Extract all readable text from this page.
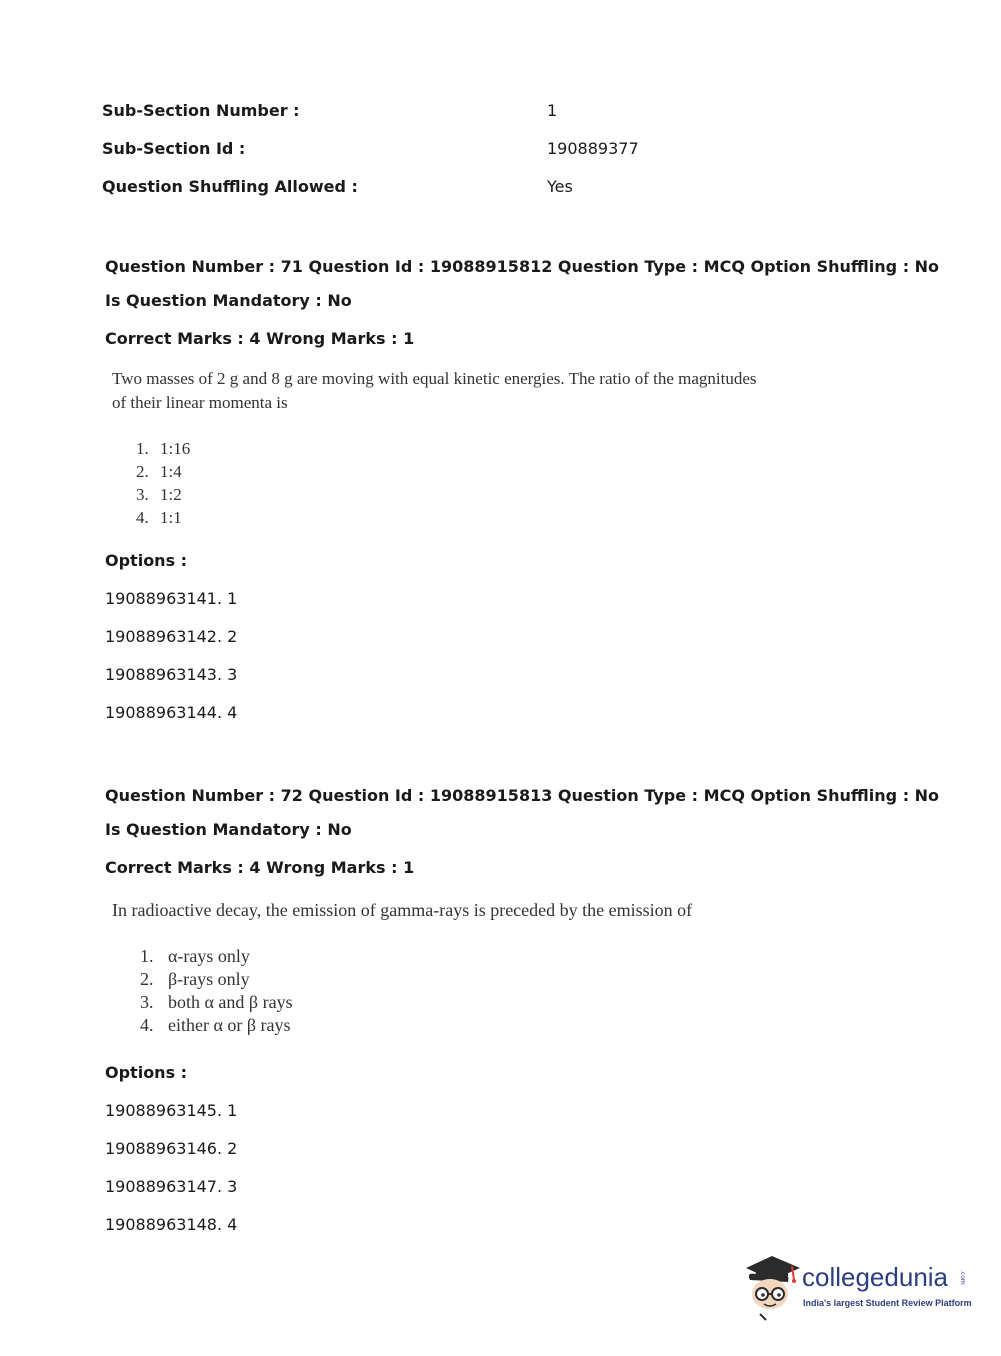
Sub-Section Number :	1
Sub-Section Id :	190889377
Question Shuffling Allowed :	Yes
Question Number : 71 Question Id : 19088915812 Question Type : MCQ Option Shuffling : No
Is Question Mandatory : No
Correct Marks : 4 Wrong Marks : 1
Two masses of 2 g and 8 g are moving with equal kinetic energies. The ratio of the magnitudes
of their linear momenta is
1. 1:16
2. 1:4
3. 1:2
4. 1:1
Options :
19088963141. 1
19088963142. 2
19088963143. 3
19088963144. 4
Question Number : 72 Question Id : 19088915813 Question Type : MCQ Option Shuffling : No
Is Question Mandatory : No
Correct Marks : 4 Wrong Marks : 1
In radioactive decay, the emission of gamma-rays is preceded by the emission of
1. α-rays only
2. β-rays only
3. both α and β rays
4. either α or β rays
Options :
19088963145. 1
19088963146. 2
19088963147. 3
19088963148. 4
collegedunia .com
India's largest Student Review Platform
